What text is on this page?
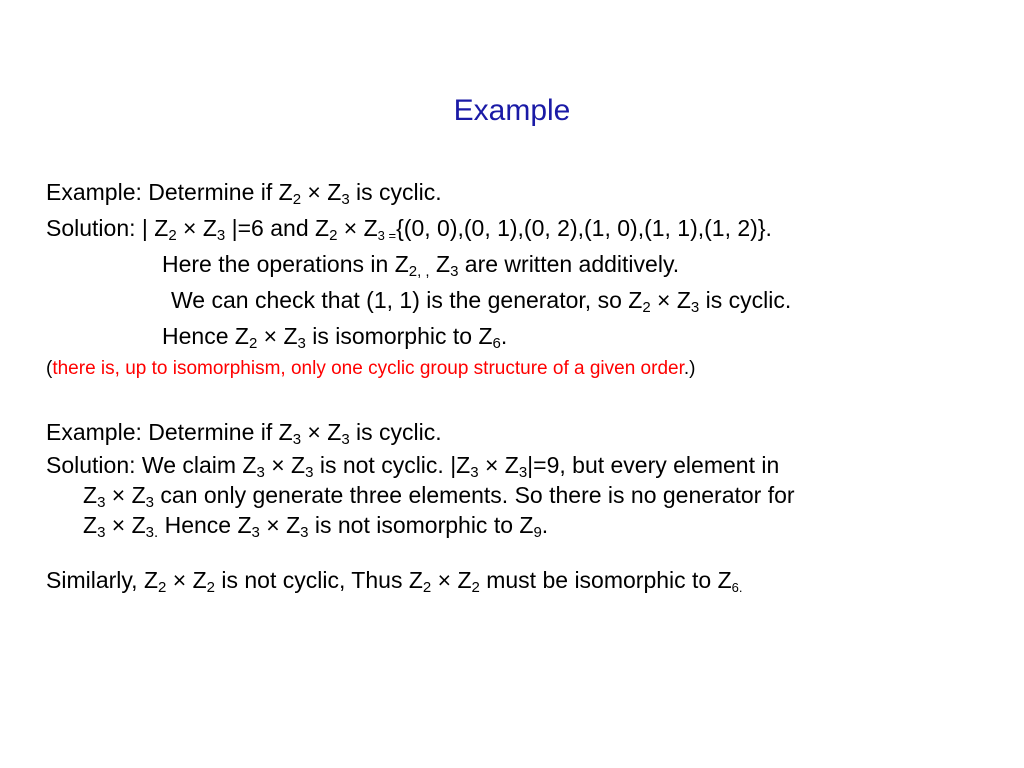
Example
Example: Determine if $Z_2 \times Z_3$ is cyclic.
Solution: | $Z_2 \times Z_3$ |=6 and $Z_2 \times Z_{3 =}\{(0$, 0),(0, 1),(0, 2),(1, 0),(1, 1),(1, 2)}.
Here the operations in $Z_{2, ,}$ $Z_3$ are written additively.
We can check that (1, 1) is the generator, so $Z_2 \times Z_3$ is cyclic.
Hence $Z_2 \times Z_3$ is isomorphic to $Z_6$.
(there is, up to isomorphism, only one cyclic group structure of a given order.)
Example: Determine if $Z_3 \times Z_3$ is cyclic.
Solution: We claim $Z_3 \times Z_3$ is not cyclic. $|Z_3 \times Z_3|=9$, but every element in
$Z_3 \times Z_3$ can only generate three elements. So there is no generator for
$Z_3 \times Z_{3.}$ Hence $Z_3 \times Z_3$ is not isomorphic to $Z_9$.
Similarly, $Z_2 \times Z_2$ is not cyclic, Thus $Z_2 \times Z_2$ must be isomorphic to $Z_{6.}$
